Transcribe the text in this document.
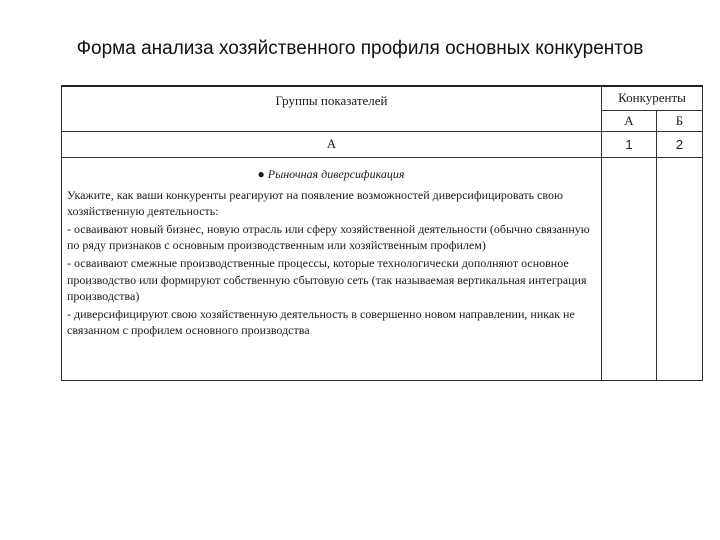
Форма анализа хозяйственного профиля основных конкурентов
Группы показателей	Конкуренты	
	А	Б
А	1	2

● Рыночная диверсификация

Укажите, как ваши конкуренты реагируют на появление возможностей диверсифицировать свою хозяйственную деятельность:

- осваивают новый бизнес, новую отрасль или сферу хозяйственной деятельности (обычно связанную по ряду признаков с основным производственным или хозяйственным профилем)

- осваивают смежные производственные процессы, которые технологически дополняют основное производство или формируют собственную сбытовую сеть (так называемая вертикальная интеграция производства)

- диверсифицируют свою хозяйственную деятельность в совершенно новом направлении, никак не связанном с профилем основного производства		
